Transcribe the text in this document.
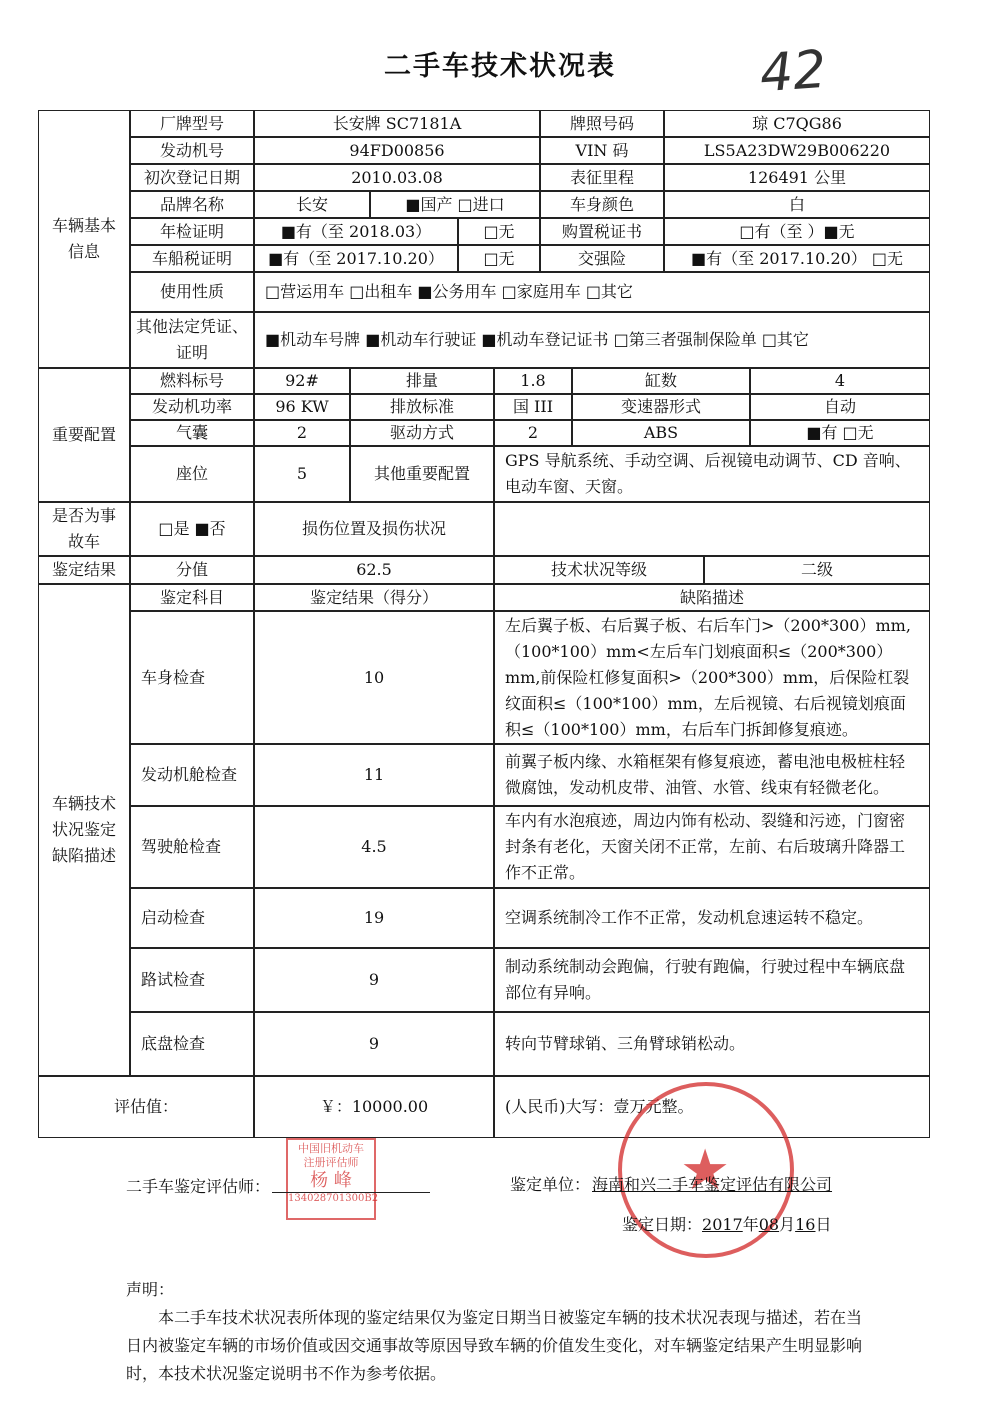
二手车技术状况表	42
车辆基本信息
厂牌型号	长安牌 SC7181A	牌照号码	琼 C7QG86
发动机号	94FD00856	VIN 码	LS5A23DW29B006220
初次登记日期	2010.03.08	表征里程	126491 公里
品牌名称	长安	■国产 □进口	车身颜色	白
年检证明	■有（至 2018.03）	□无	购置税证书	□有（至 ）■无
车船税证明	■有（至 2017.10.20）	□无	交强险	■有（至 2017.10.20） □无
使用性质	□营运用车 □出租车 ■公务用车 □家庭用车 □其它
其他法定凭证、证明
■机动车号牌 ■机动车行驶证 ■机动车登记证书 □第三者强制保险单 □其它
重要配置
燃料标号	92#	排量	1.8	缸数	4
发动机功率	96 KW	排放标准	国 III	变速器形式	自动
气囊	2	驱动方式	2	ABS	■有 □无
座位	5	其他重要配置
GPS 导航系统、手动空调、后视镜电动调节、CD 音响、电动车窗、天窗。
是否为事故车
□是 ■否	损伤位置及损伤状况
鉴定结果	分值	62.5	技术状况等级	二级
车辆技术状况鉴定缺陷描述
鉴定科目	鉴定结果（得分）	缺陷描述
车身检查	10
左后翼子板、右后翼子板、右后车门>（200*300）mm,（100*100）mm<左后车门划痕面积≤（200*300）mm,前保险杠修复面积>（200*300）mm，后保险杠裂纹面积≤（100*100）mm，左后视镜、右后视镜划痕面积≤（100*100）mm，右后车门拆卸修复痕迹。
发动机舱检查	11
前翼子板内缘、水箱框架有修复痕迹，蓄电池电极桩柱轻微腐蚀，发动机皮带、油管、水管、线束有轻微老化。
驾驶舱检查	4.5
车内有水泡痕迹，周边内饰有松动、裂缝和污迹，门窗密封条有老化，天窗关闭不正常，左前、右后玻璃升降器工作不正常。
启动检查	19	空调系统制冷工作不正常，发动机怠速运转不稳定。
路试检查	9
制动系统制动会跑偏，行驶有跑偏，行驶过程中车辆底盘部位有异响。
底盘检查	9	转向节臂球销、三角臂球销松动。
评估值：	￥：10000.00	(人民币)大写：壹万元整。
★
中国旧机动车
注册评估师
杨 峰
134028701300B2
二手车鉴定评估师：	鉴定单位： 海南和兴二手车鉴定评估有限公司
鉴定日期：2017年08月16日
声明：
本二手车技术状况表所体现的鉴定结果仅为鉴定日期当日被鉴定车辆的技术状况表现与描述，若在当日内被鉴定车辆的市场价值或因交通事故等原因导致车辆的价值发生变化，对车辆鉴定结果产生明显影响时，本技术状况鉴定说明书不作为参考依据。
